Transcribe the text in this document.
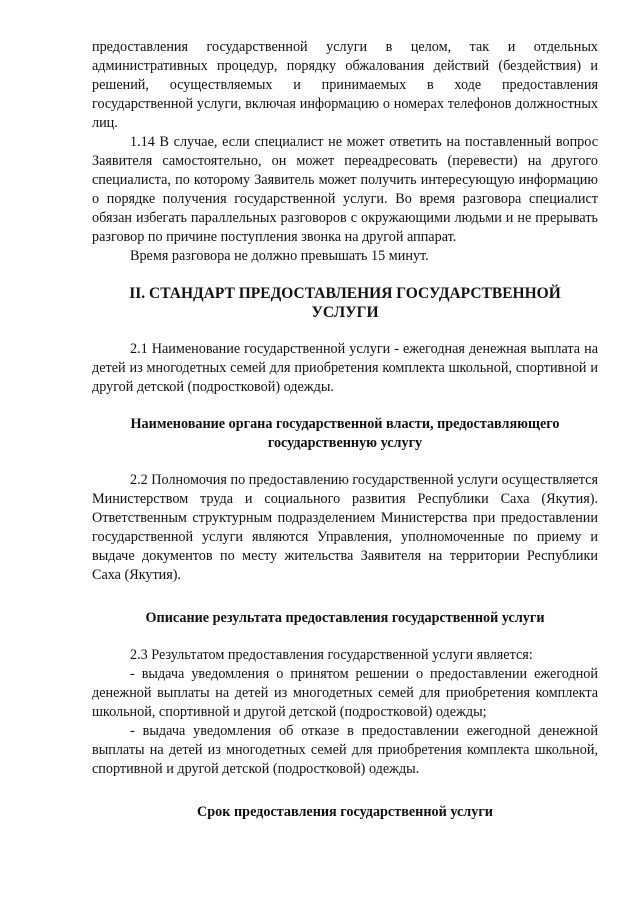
предоставления государственной услуги в целом, так и отдельных административных процедур, порядку обжалования действий (бездействия) и решений, осуществляемых и принимаемых в ходе предоставления государственной услуги, включая информацию о номерах телефонов должностных лиц.

1.14 В случае, если специалист не может ответить на поставленный вопрос Заявителя самостоятельно, он может переадресовать (перевести) на другого специалиста, по которому Заявитель может получить интересующую информацию о порядке получения государственной услуги. Во время разговора специалист обязан избегать параллельных разговоров с окружающими людьми и не прерывать разговор по причине поступления звонка на другой аппарат.

Время разговора не должно превышать 15 минут.

II. СТАНДАРТ ПРЕДОСТАВЛЕНИЯ ГОСУДАРСТВЕННОЙ
УСЛУГИ

2.1 Наименование государственной услуги - ежегодная денежная выплата на детей из многодетных семей для приобретения комплекта школьной, спортивной и другой детской (подростковой) одежды.

Наименование органа государственной власти, предоставляющего государственную услугу

2.2 Полномочия по предоставлению государственной услуги осуществляется Министерством труда и социального развития Республики Саха (Якутия). Ответственным структурным подразделением Министерства при предоставлении государственной услуги являются Управления, уполномоченные по приему и выдаче документов по месту жительства Заявителя на территории Республики Саха (Якутия).

Описание результата предоставления государственной услуги

2.3 Результатом предоставления государственной услуги является:

- выдача уведомления о принятом решении о предоставлении ежегодной денежной выплаты на детей из многодетных семей для приобретения комплекта школьной, спортивной и другой детской (подростковой) одежды;

- выдача уведомления об отказе в предоставлении ежегодной денежной выплаты на детей из многодетных семей для приобретения комплекта школьной, спортивной и другой детской (подростковой) одежды.

Срок предоставления государственной услуги
